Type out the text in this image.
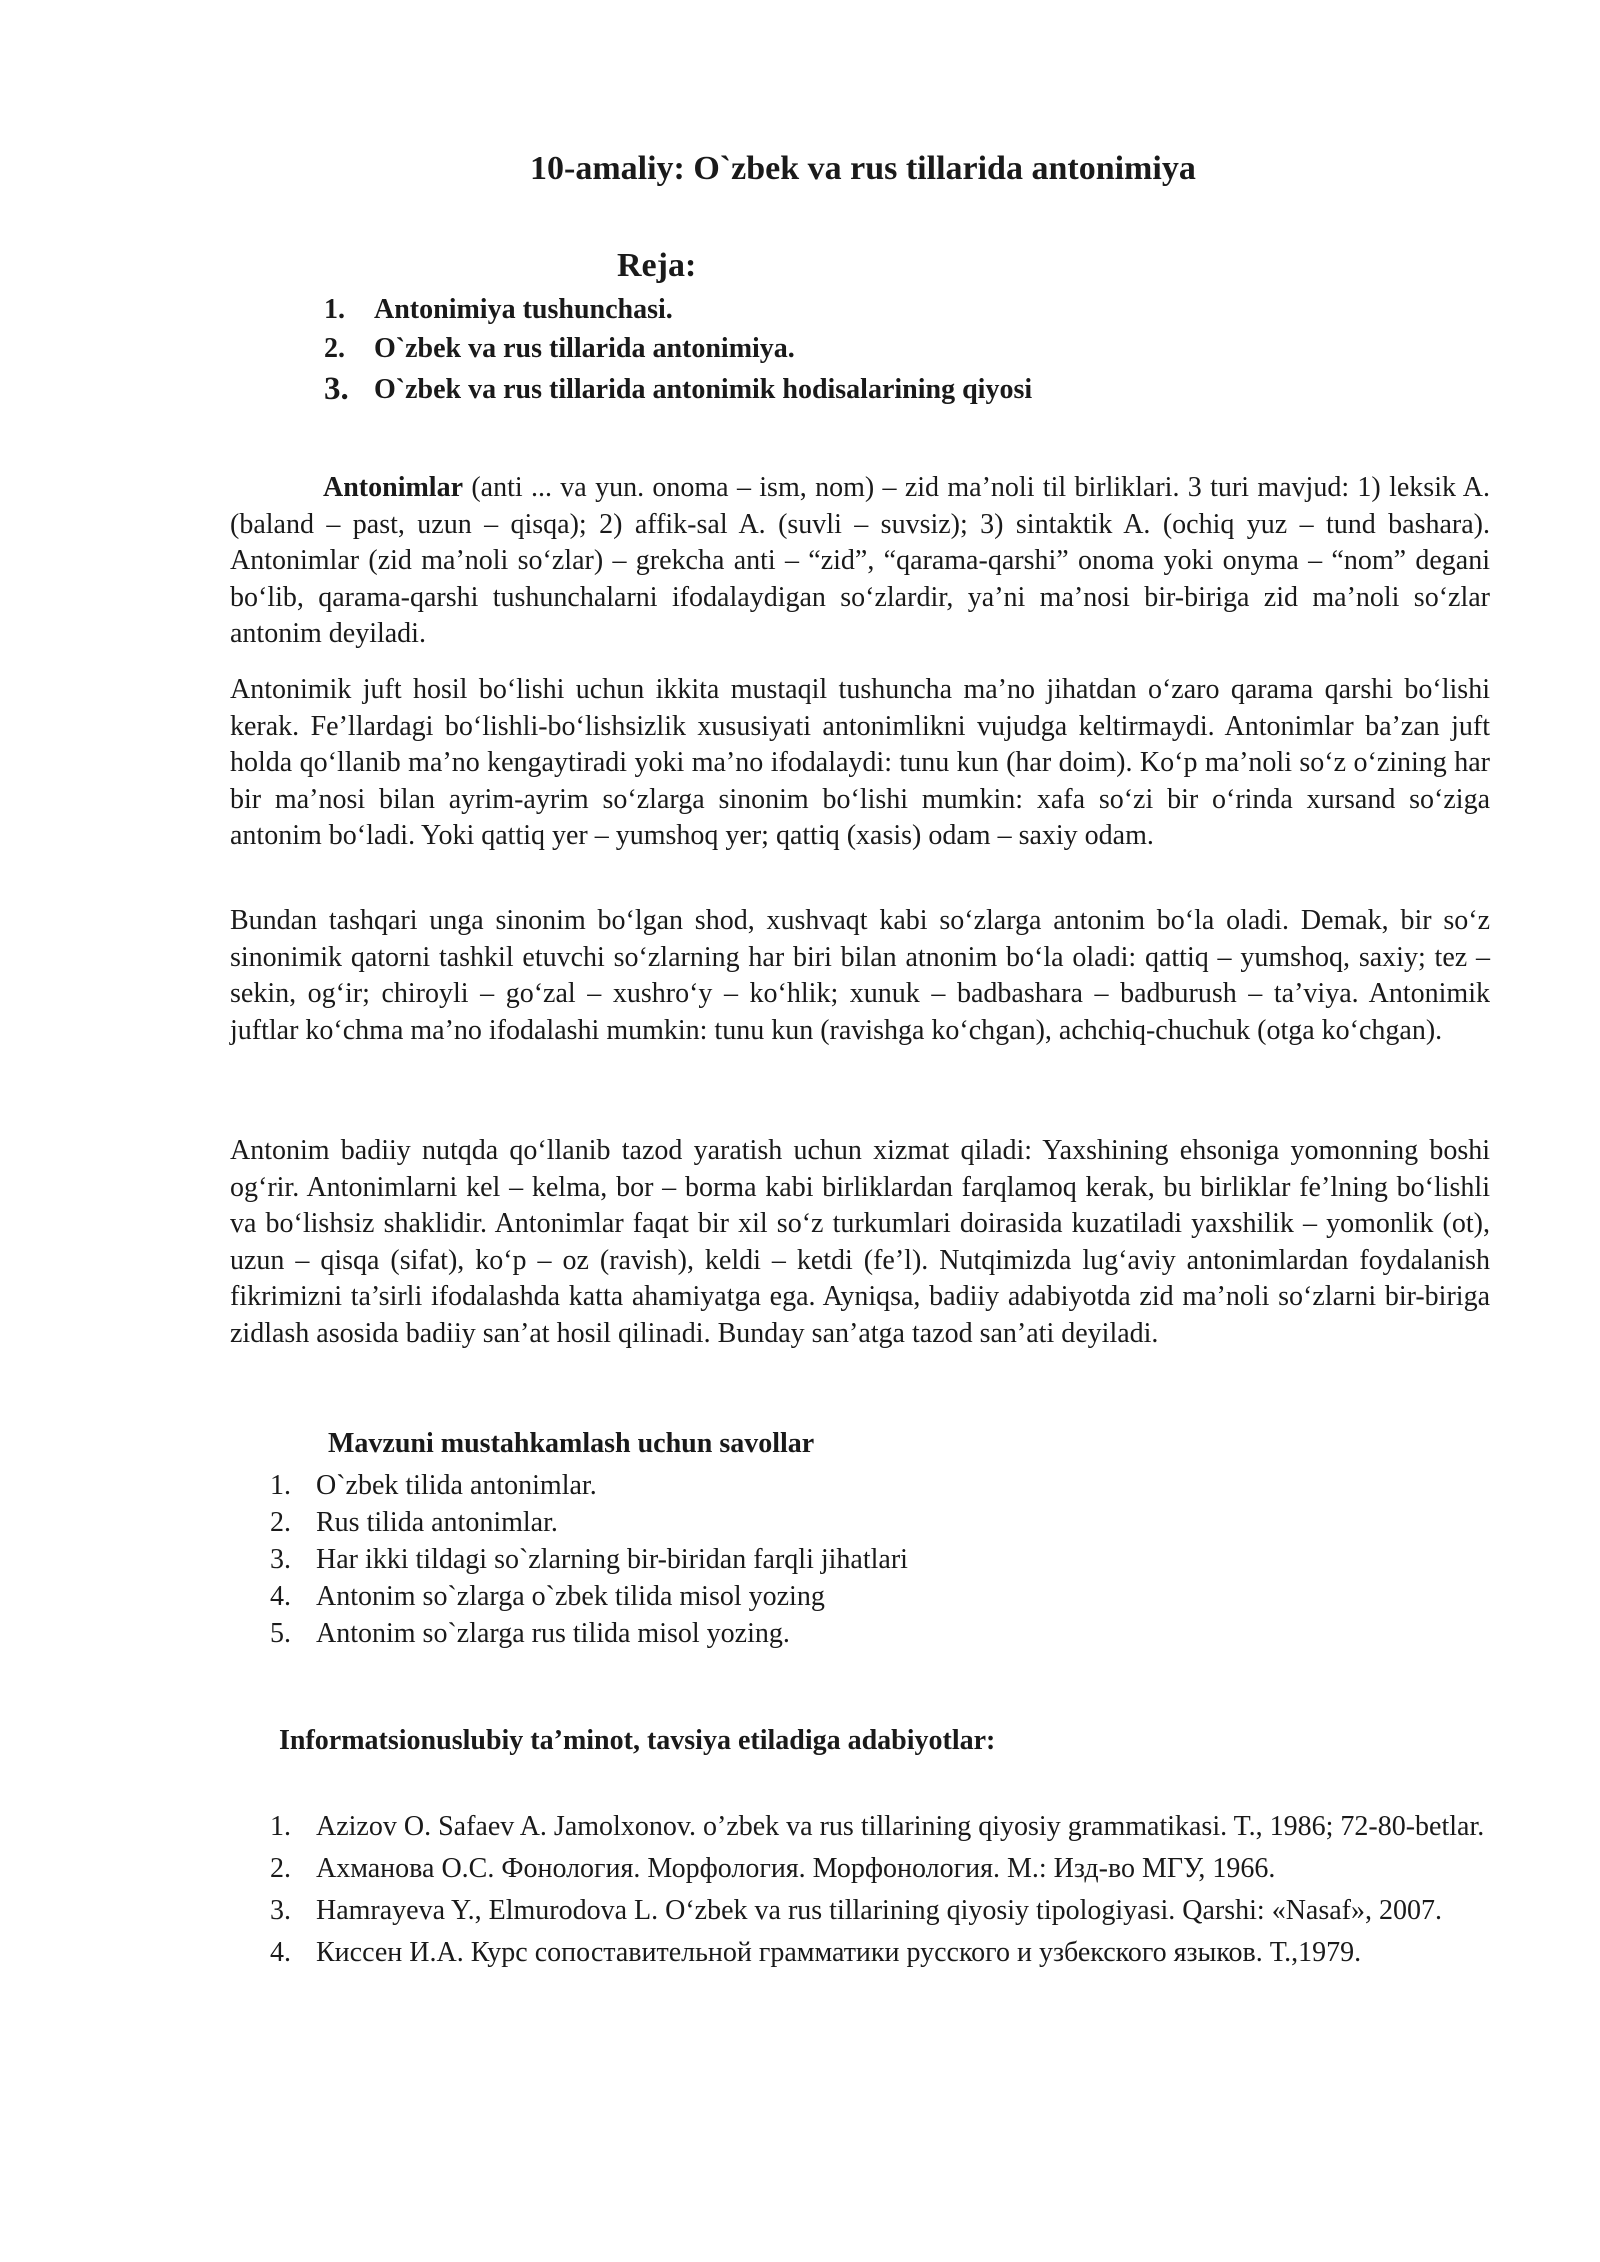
10-amaliy: O`zbek va rus tillarida antonimiya
Reja:
1. Antonimiya tushunchasi.
2. O`zbek va rus tillarida antonimiya.
3. O`zbek va rus tillarida antonimik hodisalarining qiyosi

Antonimlar (anti ... va yun. onoma – ism, nom) – zid ma’noli til birliklari. 3 turi mavjud: 1) leksik A. (baland – past, uzun – qisqa); 2) affik-sal A. (suvli – suvsiz); 3) sintaktik A. (ochiq yuz – tund bashara). Antonimlar (zid ma’noli so‘zlar) – grekcha anti – “zid”, “qarama-qarshi” onoma yoki onyma – “nom” degani bo‘lib, qarama-qarshi tushunchalarni ifodalaydigan so‘zlardir, ya’ni ma’nosi bir-biriga zid ma’noli so‘zlar antonim deyiladi.

Antonimik juft hosil bo‘lishi uchun ikkita mustaqil tushuncha ma’no jihatdan o‘zaro qarama qarshi bo‘lishi kerak. Fe’llardagi bo‘lishli-bo‘lishsizlik xususiyati antonimlikni vujudga keltirmaydi. Antonimlar ba’zan juft holda qo‘llanib ma’no kengaytiradi yoki ma’no ifodalaydi: tunu kun (har doim). Ko‘p ma’noli so‘z o‘zining har bir ma’nosi bilan ayrim-ayrim so‘zlarga sinonim bo‘lishi mumkin: xafa so‘zi bir o‘rinda xursand so‘ziga antonim bo‘ladi. Yoki qattiq yer – yumshoq yer; qattiq (xasis) odam – saxiy odam.

Bundan tashqari unga sinonim bo‘lgan shod, xushvaqt kabi so‘zlarga antonim bo‘la oladi. Demak, bir so‘z sinonimik qatorni tashkil etuvchi so‘zlarning har biri bilan atnonim bo‘la oladi: qattiq – yumshoq, saxiy; tez – sekin, og‘ir; chiroyli – go‘zal – xushro‘y – ko‘hlik; xunuk – badbashara – badburush – ta’viya. Antonimik juftlar ko‘chma ma’no ifodalashi mumkin: tunu kun (ravishga ko‘chgan), achchiq-chuchuk (otga ko‘chgan).

Antonim badiiy nutqda qo‘llanib tazod yaratish uchun xizmat qiladi: Yaxshining ehsoniga yomonning boshi og‘rir. Antonimlarni kel – kelma, bor – borma kabi birliklardan farqlamoq kerak, bu birliklar fe’lning bo‘lishli va bo‘lishsiz shaklidir. Antonimlar faqat bir xil so‘z turkumlari doirasida kuzatiladi yaxshilik – yomonlik (ot), uzun – qisqa (sifat), ko‘p – oz (ravish), keldi – ketdi (fe’l). Nutqimizda lug‘aviy antonimlardan foydalanish fikrimizni ta’sirli ifodalashda katta ahamiyatga ega. Ayniqsa, badiiy adabiyotda zid ma’noli so‘zlarni bir-biriga zidlash asosida badiiy san’at hosil qilinadi. Bunday san’atga tazod san’ati deyiladi.

Mavzuni mustahkamlash uchun savollar
1. O`zbek tilida antonimlar.
2. Rus tilida antonimlar.
3. Har ikki tildagi so`zlarning bir-biridan farqli jihatlari
4. Antonim so`zlarga o`zbek tilida misol yozing
5. Antonim so`zlarga rus tilida misol yozing.
Informatsionuslubiy ta’minot, tavsiya etiladiga adabiyotlar:
1. Azizov O. Safaev A. Jamolxonov. o’zbek va rus tillarining qiyosiy grammatikasi. T., 1986; 72-80-betlar.
2. Ахманова О.С. Фонология. Морфология. Морфонология. М.: Изд-во МГУ, 1966.
3. Hamrayeva Y., Elmurodova L. O‘zbek va rus tillarining qiyosiy tipologiyasi. Qarshi: «Nasaf», 2007.
4. Киссен И.А. Курс сопоставительной грамматики русского и узбекского языков. Т.,1979.
